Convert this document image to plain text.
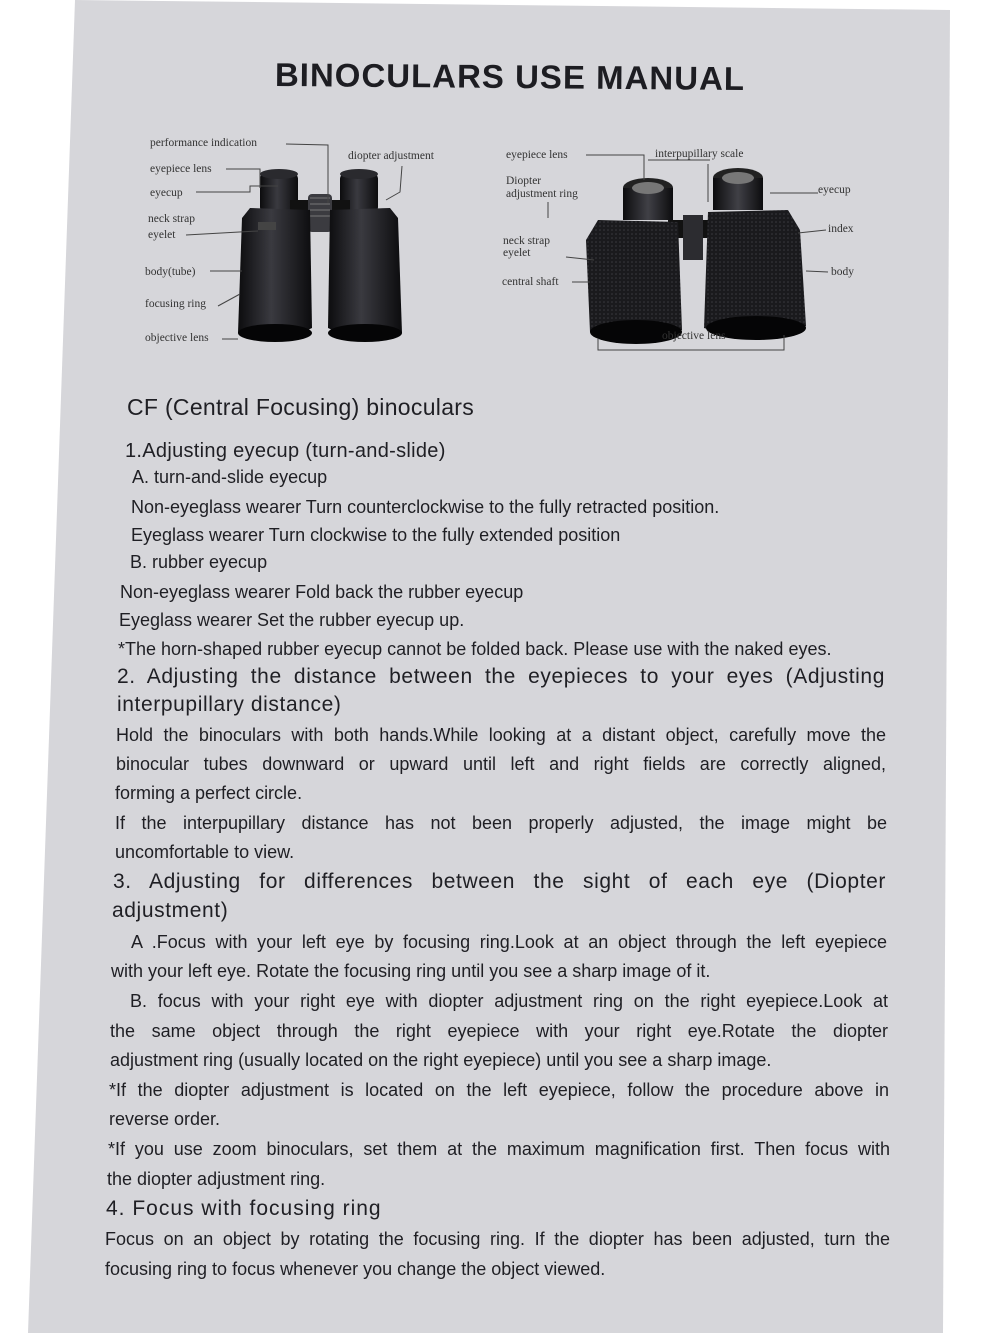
BINOCULARS USE MANUAL
performance indication
diopter adjustment
eyepiece lens
eyecup
neck strap
eyelet
body(tube)
focusing ring
objective lens
eyepiece lens	interpupillary scale
Diopter
adjustment ring	eyecup
index
neck strap
eyelet
central shaft
body
objective lens
CF (Central Focusing) binoculars
1.Adjusting eyecup (turn-and-slide)
A. turn-and-slide eyecup
Non-eyeglass wearer Turn counterclockwise to the fully retracted position.
Eyeglass wearer Turn clockwise to the fully extended position
B. rubber eyecup
Non-eyeglass wearer Fold back the rubber eyecup
Eyeglass wearer Set the rubber eyecup up.
*The horn-shaped rubber eyecup cannot be folded back. Please use with the naked eyes.
2. Adjusting the distance between the eyepieces to your eyes (Adjusting
interpupillary distance)
Hold the binoculars with both hands.While looking at a distant object, carefully move the
binocular tubes downward or upward until left and right fields are correctly aligned,
forming a perfect circle.
If the interpupillary distance has not been properly adjusted, the image might be
uncomfortable to view.
3. Adjusting for differences between the sight of each eye (Diopter
adjustment)
A .Focus with your left eye by focusing ring.Look at an object through the left eyepiece
with your left eye. Rotate the focusing ring until you see a sharp image of it.
B. focus with your right eye with diopter adjustment ring on the right eyepiece.Look at
the same object through the right eyepiece with your right eye.Rotate the diopter
adjustment ring (usually located on the right eyepiece) until you see a sharp image.
*If the diopter adjustment is located on the left eyepiece, follow the procedure above in
reverse order.
*If you use zoom binoculars, set them at the maximum magnification first. Then focus with
the diopter adjustment ring.
4. Focus with focusing ring
Focus on an object by rotating the focusing ring. If the diopter has been adjusted, turn the
focusing ring to focus whenever you change the object viewed.
